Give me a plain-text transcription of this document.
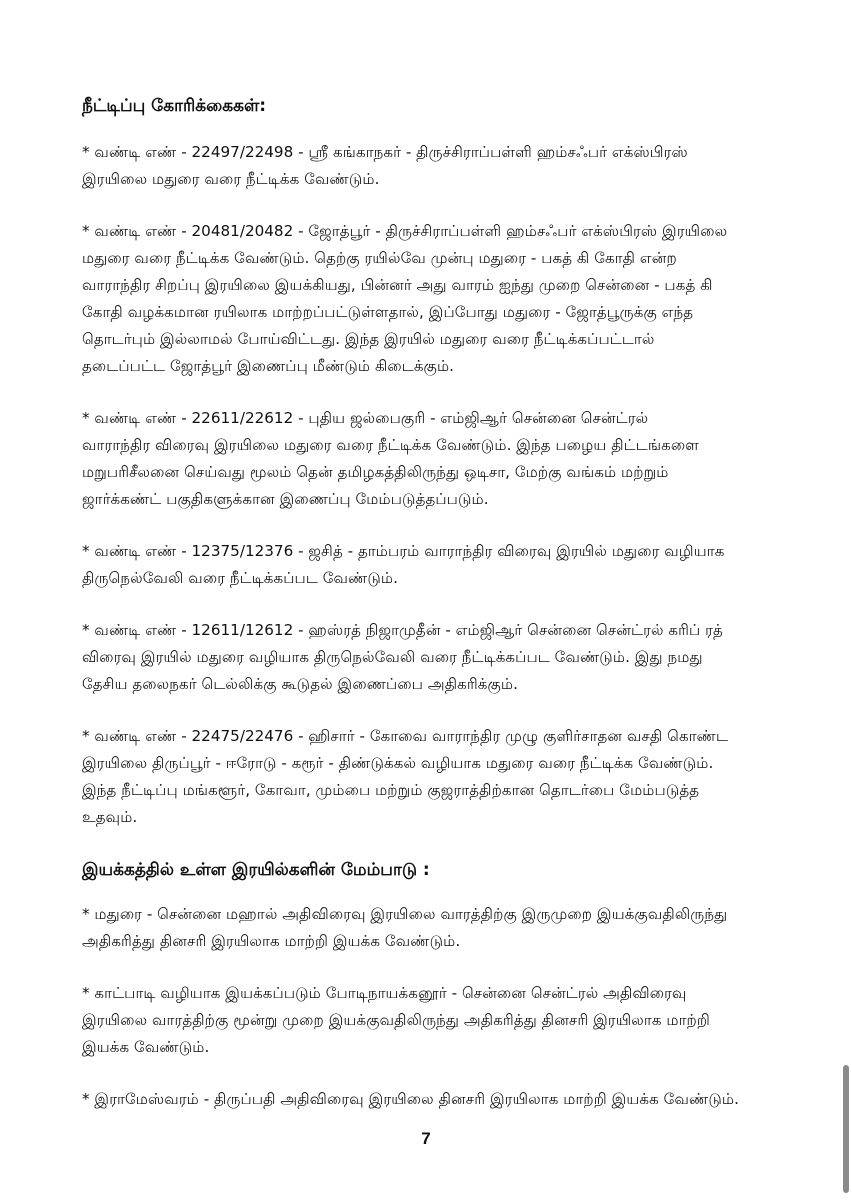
நீட்டிப்பு கோரிக்கைகள்:

* வண்டி எண் - 22497/22498 - ஸ்ரீ கங்காநகர் - திருச்சிராப்பள்ளி ஹம்சஃபர் எக்ஸ்பிரஸ்
இரயிலை மதுரை வரை நீட்டிக்க வேண்டும்.

* வண்டி எண் - 20481/20482 - ஜோத்பூர் - திருச்சிராப்பள்ளி ஹம்சஃபர் எக்ஸ்பிரஸ் இரயிலை
மதுரை வரை நீட்டிக்க வேண்டும். தெற்கு ரயில்வே முன்பு மதுரை - பகத் கி கோதி என்ற
வாராந்திர சிறப்பு இரயிலை இயக்கியது, பின்னர் அது வாரம் ஐந்து முறை சென்னை - பகத் கி
கோதி வழக்கமான ரயிலாக மாற்றப்பட்டுள்ளதால், இப்போது மதுரை - ஜோத்பூருக்கு எந்த
தொடர்பும் இல்லாமல் போய்விட்டது. இந்த இரயில் மதுரை வரை நீட்டிக்கப்பட்டால்
தடைப்பட்ட ஜோத்பூர் இணைப்பு மீண்டும் கிடைக்கும்.

* வண்டி எண் - 22611/22612 - புதிய ஜல்பைகுரி - எம்ஜிஆர் சென்னை சென்ட்ரல்
வாராந்திர விரைவு இரயிலை மதுரை வரை நீட்டிக்க வேண்டும். இந்த பழைய திட்டங்களை
மறுபரிசீலனை செய்வது மூலம் தென் தமிழகத்திலிருந்து ஒடிசா, மேற்கு வங்கம் மற்றும்
ஜார்க்கண்ட் பகுதிகளுக்கான இணைப்பு மேம்படுத்தப்படும்.

* வண்டி எண் - 12375/12376 - ஜசித் - தாம்பரம் வாராந்திர விரைவு இரயில் மதுரை வழியாக
திருநெல்வேலி வரை நீட்டிக்கப்பட வேண்டும்.

* வண்டி எண் - 12611/12612 - ஹஸ்ரத் நிஜாமுதீன் - எம்ஜிஆர் சென்னை சென்ட்ரல் கரிப் ரத்
விரைவு இரயில் மதுரை வழியாக திருநெல்வேலி வரை நீட்டிக்கப்பட வேண்டும். இது நமது
தேசிய தலைநகர் டெல்லிக்கு கூடுதல் இணைப்பை அதிகரிக்கும்.

* வண்டி எண் - 22475/22476 - ஹிசார் - கோவை வாராந்திர முழு குளிர்சாதன வசதி கொண்ட
இரயிலை திருப்பூர் - ஈரோடு - கரூர் - திண்டுக்கல் வழியாக மதுரை வரை நீட்டிக்க வேண்டும்.
இந்த நீட்டிப்பு மங்களூர், கோவா, மும்பை மற்றும் குஜராத்திற்கான தொடர்பை மேம்படுத்த
உதவும்.

இயக்கத்தில் உள்ள இரயில்களின் மேம்பாடு :

* மதுரை - சென்னை மஹால் அதிவிரைவு இரயிலை வாரத்திற்கு இருமுறை இயக்குவதிலிருந்து
அதிகரித்து தினசரி இரயிலாக மாற்றி இயக்க வேண்டும்.

* காட்பாடி வழியாக இயக்கப்படும் போடிநாயக்கனூர் - சென்னை சென்ட்ரல் அதிவிரைவு
இரயிலை வாரத்திற்கு மூன்று முறை இயக்குவதிலிருந்து அதிகரித்து தினசரி இரயிலாக மாற்றி
இயக்க வேண்டும்.

* இராமேஸ்வரம் - திருப்பதி அதிவிரைவு இரயிலை தினசரி இரயிலாக மாற்றி இயக்க வேண்டும்.

7
